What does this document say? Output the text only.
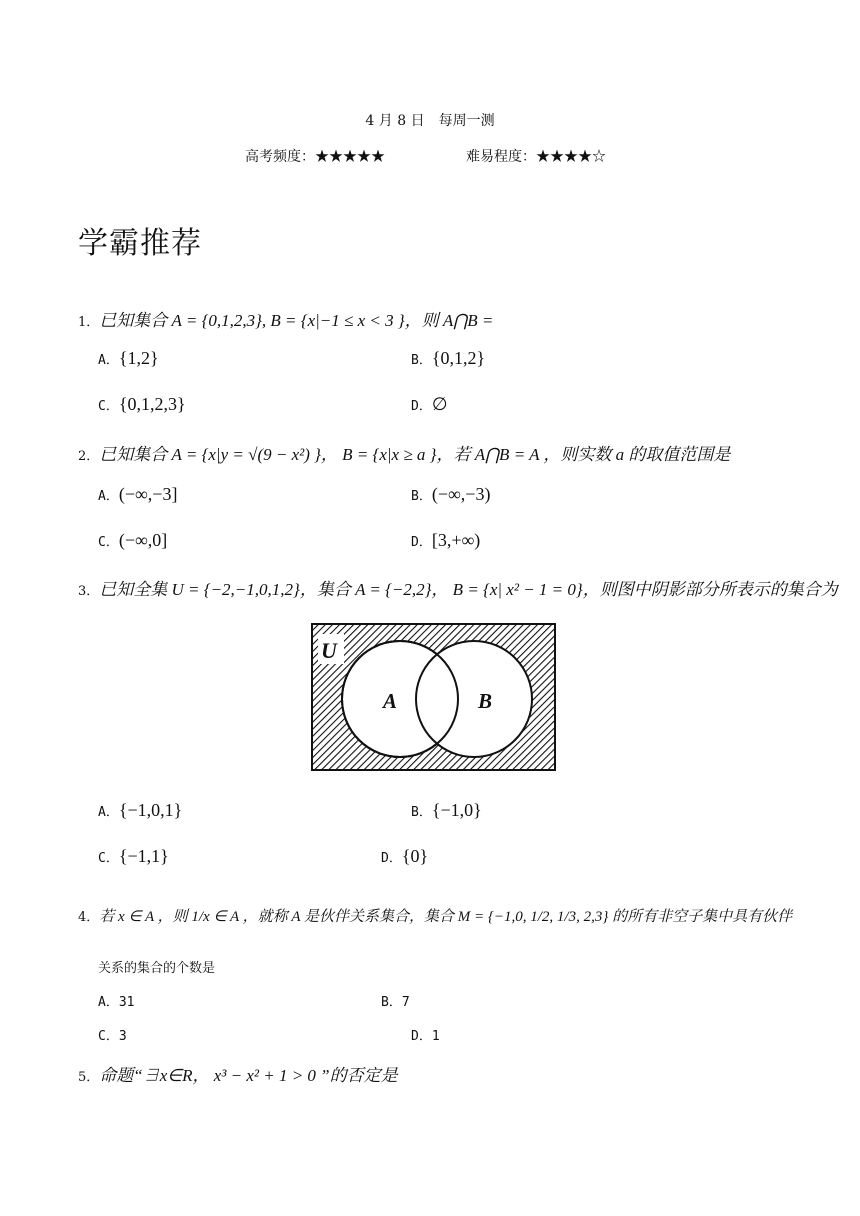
4 月 8 日　每周一测
高考频度：★★★★★	难易程度：★★★★☆
学霸推荐
1．已知集合 A = {0,1,2,3}, B = {x|−1 ≤ x < 3 }，则 A⋂B =
A．{1,2}	B．{0,1,2}
C．{0,1,2,3}	D．∅
2．已知集合 A = {x|y = √(9 − x²) }， B = {x|x ≥ a }，若 A⋂B = A ，则实数 a 的取值范围是
A．(−∞,−3]	B．(−∞,−3)
C．(−∞,0]	D．[3,+∞)
3．已知全集 U = {−2,−1,0,1,2}，集合 A = {−2,2}， B = {x| x² − 1 = 0}，则图中阴影部分所表示的集合为
U
A	B
A．{−1,0,1}	B．{−1,0}
C．{−1,1}	D．{0}
4．若 x ∈ A ，则 1/x ∈ A ，就称 A 是伙伴关系集合，集合 M = {−1,0, 1/2, 1/3, 2,3} 的所有非空子集中具有伙伴
关系的集合的个数是
A．31	B．7
C．3	D．1
5．命题“∃x∈R， x³ − x² + 1 > 0 ”的否定是
